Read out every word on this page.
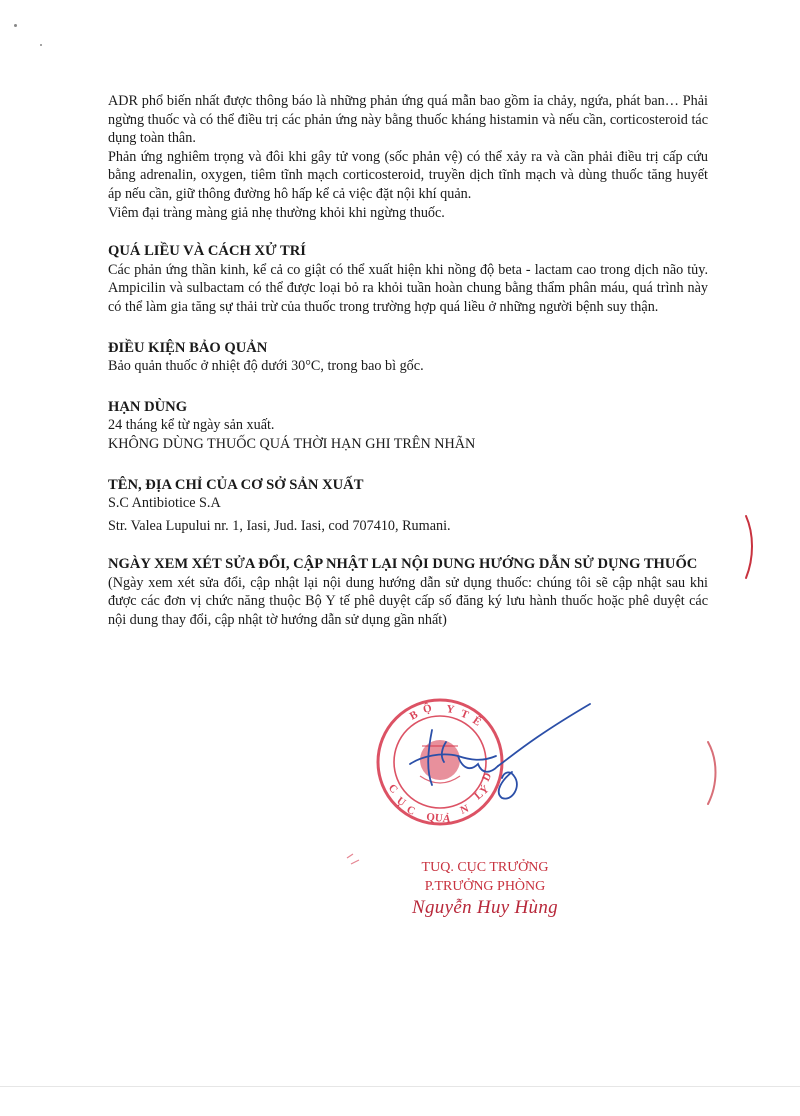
ADR phổ biến nhất được thông báo là những phản ứng quá mẫn bao gồm ỉa chảy, ngứa, phát ban… Phải ngừng thuốc và có thể điều trị các phản ứng này bằng thuốc kháng histamin và nếu cần, corticosteroid tác dụng toàn thân.

Phản ứng nghiêm trọng và đôi khi gây tử vong (sốc phản vệ) có thể xảy ra và cần phải điều trị cấp cứu bằng adrenalin, oxygen, tiêm tĩnh mạch corticosteroid, truyền dịch tĩnh mạch và dùng thuốc tăng huyết áp nếu cần, giữ thông đường hô hấp kể cả việc đặt nội khí quản.

Viêm đại tràng màng giả nhẹ thường khỏi khi ngừng thuốc.

QUÁ LIỀU VÀ CÁCH XỬ TRÍ

Các phản ứng thần kinh, kể cả co giật có thể xuất hiện khi nồng độ beta - lactam cao trong dịch não tủy. Ampicilin và sulbactam có thể được loại bỏ ra khỏi tuần hoàn chung bằng thẩm phân máu, quá trình này có thể làm gia tăng sự thải trừ của thuốc trong trường hợp quá liều ở những người bệnh suy thận.

ĐIỀU KIỆN BẢO QUẢN

Bảo quản thuốc ở nhiệt độ dưới 30°C, trong bao bì gốc.

HẠN DÙNG

24 tháng kể từ ngày sản xuất.

KHÔNG DÙNG THUỐC QUÁ THỜI HẠN GHI TRÊN NHÃN

TÊN, ĐỊA CHỈ CỦA CƠ SỞ SẢN XUẤT

S.C Antibiotice S.A

Str. Valea Lupului nr. 1, Iasi, Jud. Iasi, cod 707410, Rumani.

NGÀY XEM XÉT SỬA ĐỔI, CẬP NHẬT LẠI NỘI DUNG HƯỚNG DẪN SỬ DỤNG THUỐC

(Ngày xem xét sửa đổi, cập nhật lại nội dung hướng dẫn sử dụng thuốc: chúng tôi sẽ cập nhật sau khi được các đơn vị chức năng thuộc Bộ Y tế phê duyệt cấp số đăng ký lưu hành thuốc hoặc phê duyệt các nội dung thay đổi, cập nhật tờ hướng dẫn sử dụng gần nhất)

B Ộ Y T Ế
C
Ụ
C
QUẢ
N
LÝ
D
TUQ. CỤC TRƯỞNG
P.TRƯỞNG PHÒNG
Nguyễn Huy Hùng
